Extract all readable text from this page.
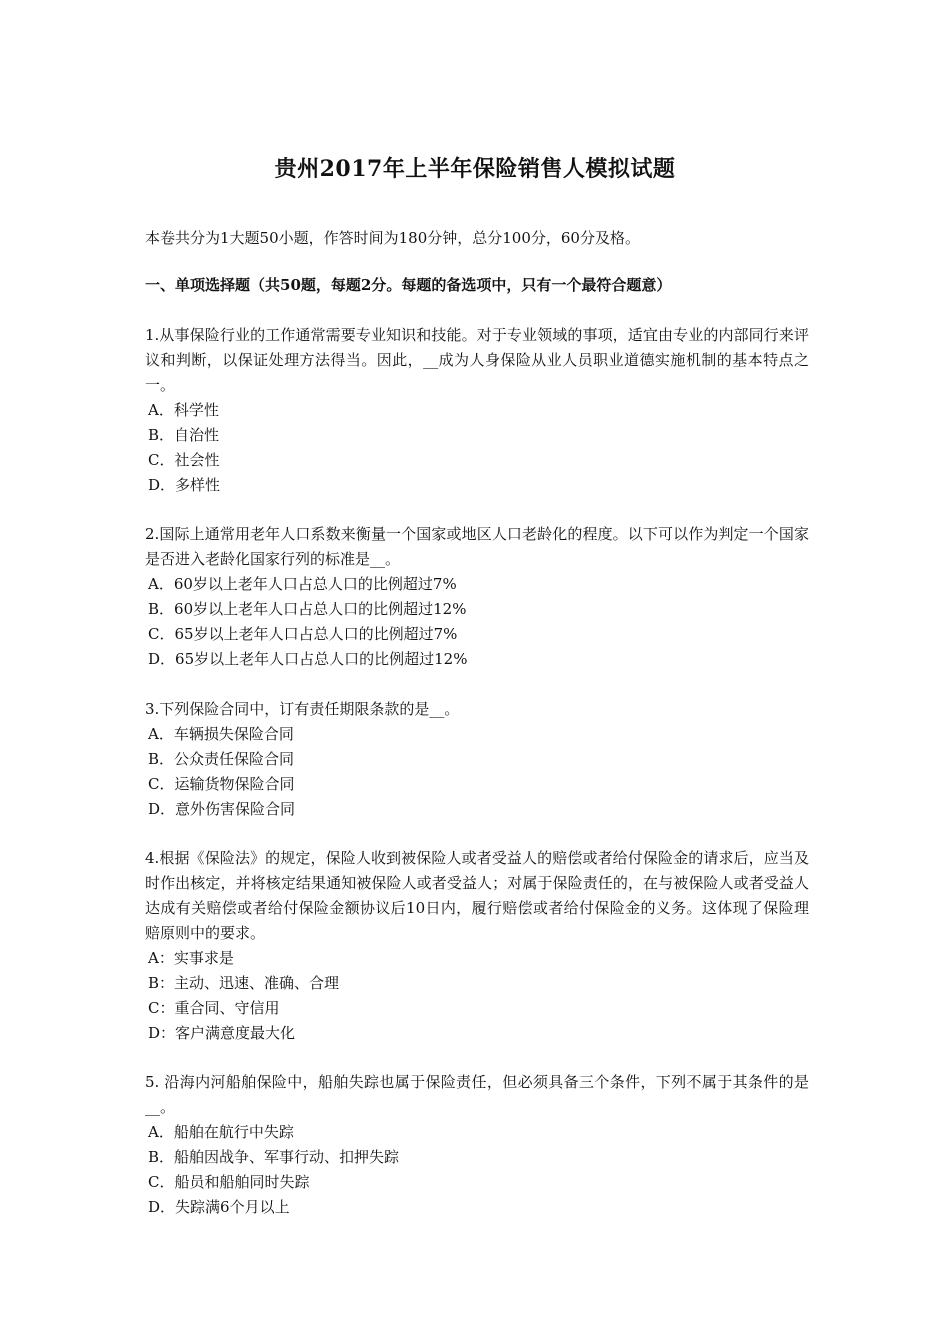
贵州2017年上半年保险销售人模拟试题
本卷共分为1大题50小题，作答时间为180分钟，总分100分，60分及格。
一、单项选择题（共50题，每题2分。每题的备选项中，只有一个最符合题意）

1.从事保险行业的工作通常需要专业知识和技能。对于专业领域的事项，适宜由专业的内部同行来评议和判断，以保证处理方法得当。因此，__成为人身保险从业人员职业道德实施机制的基本特点之一。

A．科学性

B．自治性

C．社会性

D．多样性

2.国际上通常用老年人口系数来衡量一个国家或地区人口老龄化的程度。以下可以作为判定一个国家是否进入老龄化国家行列的标准是__。

A．60岁以上老年人口占总人口的比例超过7%

B．60岁以上老年人口占总人口的比例超过12%

C．65岁以上老年人口占总人口的比例超过7%

D．65岁以上老年人口占总人口的比例超过12%

3.下列保险合同中，订有责任期限条款的是__。

A．车辆损失保险合同

B．公众责任保险合同

C．运输货物保险合同

D．意外伤害保险合同

4.根据《保险法》的规定，保险人收到被保险人或者受益人的赔偿或者给付保险金的请求后，应当及时作出核定，并将核定结果通知被保险人或者受益人；对属于保险责任的，在与被保险人或者受益人达成有关赔偿或者给付保险金额协议后10日内，履行赔偿或者给付保险金的义务。这体现了保险理赔原则中的要求。

A：实事求是

B：主动、迅速、准确、合理

C：重合同、守信用

D：客户满意度最大化

5. 沿海内河船舶保险中，船舶失踪也属于保险责任，但必须具备三个条件，下列不属于其条件的是__。

A．船舶在航行中失踪

B．船舶因战争、军事行动、扣押失踪

C．船员和船舶同时失踪

D．失踪满6个月以上
